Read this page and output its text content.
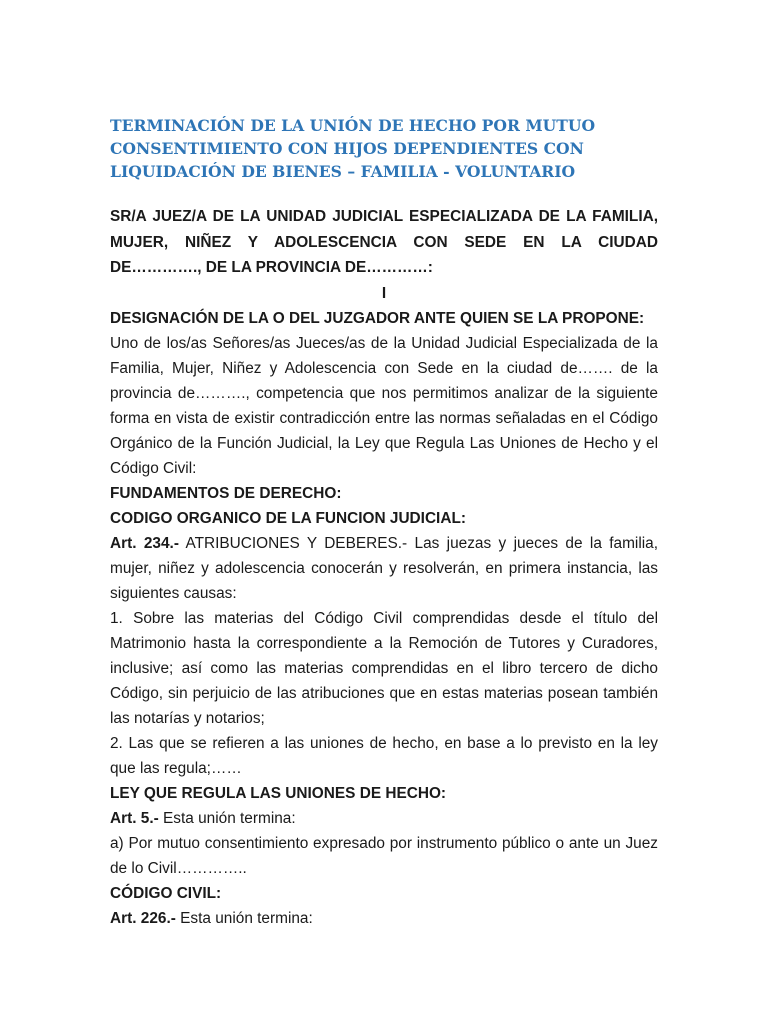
TERMINACIÓN DE LA UNIÓN DE HECHO POR MUTUO
CONSENTIMIENTO CON HIJOS DEPENDIENTES CON
LIQUIDACIÓN DE BIENES – FAMILIA - VOLUNTARIO

SR/A JUEZ/A DE LA UNIDAD JUDICIAL ESPECIALIZADA DE LA FAMILIA,
MUJER, NIÑEZ Y ADOLESCENCIA CON SEDE EN LA CIUDAD
DE…………., DE LA PROVINCIA DE…………:

I

DESIGNACIÓN DE LA O DEL JUZGADOR ANTE QUIEN SE LA PROPONE:

Uno de los/as Señores/as Jueces/as de la Unidad Judicial Especializada de la Familia, Mujer, Niñez y Adolescencia con Sede en la ciudad de……. de la provincia de………., competencia que nos permitimos analizar de la siguiente forma en vista de existir contradicción entre las normas señaladas en el Código Orgánico de la Función Judicial, la Ley que Regula Las Uniones de Hecho y el Código Civil:

FUNDAMENTOS DE DERECHO:

CODIGO ORGANICO DE LA FUNCION JUDICIAL:

Art. 234.- ATRIBUCIONES Y DEBERES.- Las juezas y jueces de la familia, mujer, niñez y adolescencia conocerán y resolverán, en primera instancia, las siguientes causas:

1. Sobre las materias del Código Civil comprendidas desde el título del Matrimonio hasta la correspondiente a la Remoción de Tutores y Curadores, inclusive; así como las materias comprendidas en el libro tercero de dicho Código, sin perjuicio de las atribuciones que en estas materias posean también las notarías y notarios;

2. Las que se refieren a las uniones de hecho, en base a lo previsto en la ley que las regula;……

LEY QUE REGULA LAS UNIONES DE HECHO:

Art. 5.- Esta unión termina:

a) Por mutuo consentimiento expresado por instrumento público o ante un Juez de lo Civil…………..

CÓDIGO CIVIL:

Art. 226.- Esta unión termina:
